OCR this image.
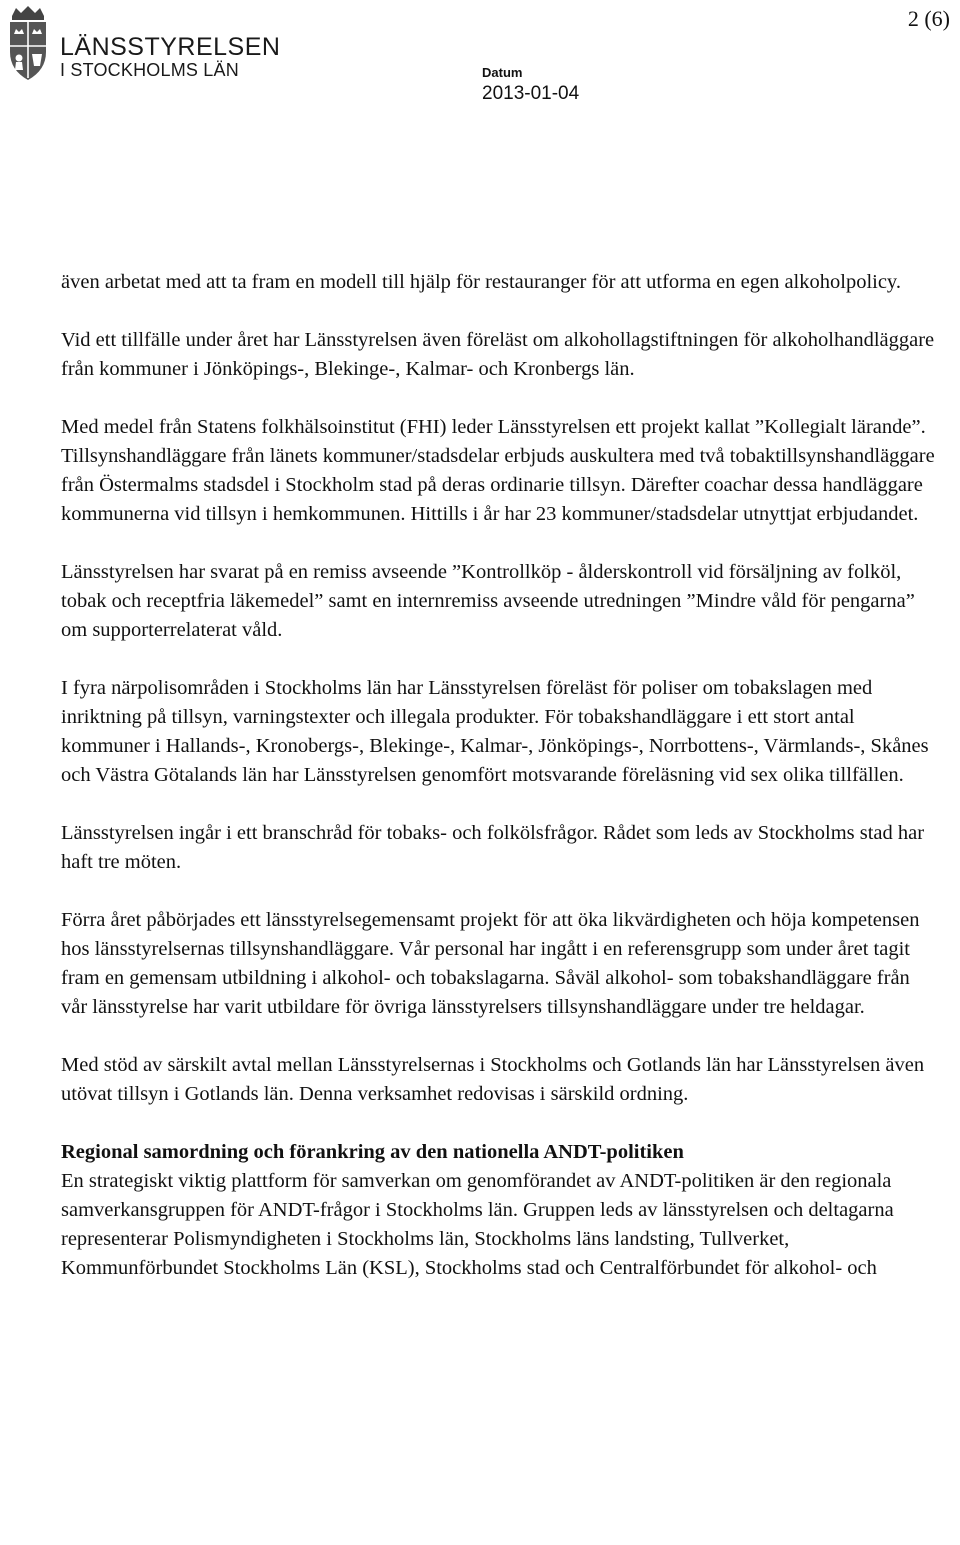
LÄNSSTYRELSEN
I STOCKHOLMS LÄN
2 (6)
Datum
2013-01-04

även arbetat med att ta fram en modell till hjälp för restauranger för att utforma en egen alkoholpolicy.

Vid ett tillfälle under året har Länsstyrelsen även föreläst om alkohollagstiftningen för alkoholhandläggare från kommuner i Jönköpings-, Blekinge-, Kalmar- och Kronbergs län.

Med medel från Statens folkhälsoinstitut (FHI) leder Länsstyrelsen ett projekt kallat ”Kollegialt lärande”. Tillsynshandläggare från länets kommuner/stadsdelar erbjuds auskultera med två tobaktillsynshandläggare från Östermalms stadsdel i Stockholm stad på deras ordinarie tillsyn. Därefter coachar dessa handläggare kommunerna vid tillsyn i hemkommunen. Hittills i år har 23 kommuner/stadsdelar utnyttjat erbjudandet.

Länsstyrelsen har svarat på en remiss avseende ”Kontrollköp - ålderskontroll vid försäljning av folköl, tobak och receptfria läkemedel” samt en internremiss avseende utredningen ”Mindre våld för pengarna” om supporterrelaterat våld.

I fyra närpolisområden i Stockholms län har Länsstyrelsen föreläst för poliser om tobakslagen med inriktning på tillsyn, varningstexter och illegala produkter. För tobakshandläggare i ett stort antal kommuner i Hallands-, Kronobergs-, Blekinge-, Kalmar-, Jönköpings-, Norrbottens-, Värmlands-, Skånes och Västra Götalands län har Länsstyrelsen genomfört motsvarande föreläsning vid sex olika tillfällen.

Länsstyrelsen ingår i ett branschråd för tobaks- och folkölsfrågor. Rådet som leds av Stockholms stad har haft tre möten.

Förra året påbörjades ett länsstyrelsegemensamt projekt för att öka likvärdigheten och höja kompetensen hos länsstyrelsernas tillsynshandläggare. Vår personal har ingått i en referensgrupp som under året tagit fram en gemensam utbildning i alkohol- och tobakslagarna. Såväl alkohol- som tobakshandläggare från vår länsstyrelse har varit utbildare för övriga länsstyrelsers tillsynshandläggare under tre heldagar.

Med stöd av särskilt avtal mellan Länsstyrelsernas i Stockholms och Gotlands län har Länsstyrelsen även utövat tillsyn i Gotlands län. Denna verksamhet redovisas i särskild ordning.

Regional samordning och förankring av den nationella ANDT-politiken
En strategiskt viktig plattform för samverkan om genomförandet av ANDT-politiken är den regionala samverkansgruppen för ANDT-frågor i Stockholms län. Gruppen leds av länsstyrelsen och deltagarna representerar Polismyndigheten i Stockholms län, Stockholms läns landsting, Tullverket, Kommunförbundet Stockholms Län (KSL), Stockholms stad och Centralförbundet för alkohol- och
